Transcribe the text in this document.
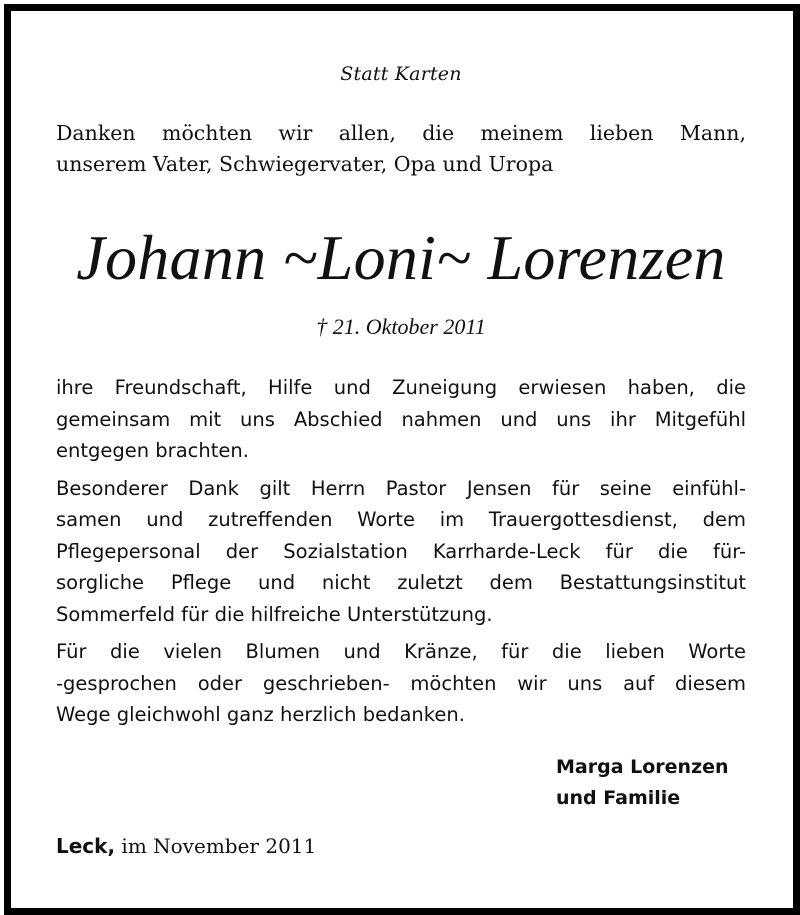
Statt Karten
Danken möchten wir allen, die meinem lieben Mann,
unserem Vater, Schwiegervater, Opa und Uropa
Johann ~Loni~ Lorenzen
† 21. Oktober 2011
ihre Freundschaft, Hilfe und Zuneigung erwiesen haben, die
gemeinsam mit uns Abschied nahmen und uns ihr Mitgefühl
entgegen brachten.
Besonderer Dank gilt Herrn Pastor Jensen für seine einfühl-
samen und zutreffenden Worte im Trauergottesdienst, dem
Pflegepersonal der Sozialstation Karrharde-Leck für die für-
sorgliche Pflege und nicht zuletzt dem Bestattungsinstitut
Sommerfeld für die hilfreiche Unterstützung.
Für die vielen Blumen und Kränze, für die lieben Worte
-gesprochen oder geschrieben- möchten wir uns auf diesem
Wege gleichwohl ganz herzlich bedanken.
Marga Lorenzen
und Familie
Leck, im November 2011
